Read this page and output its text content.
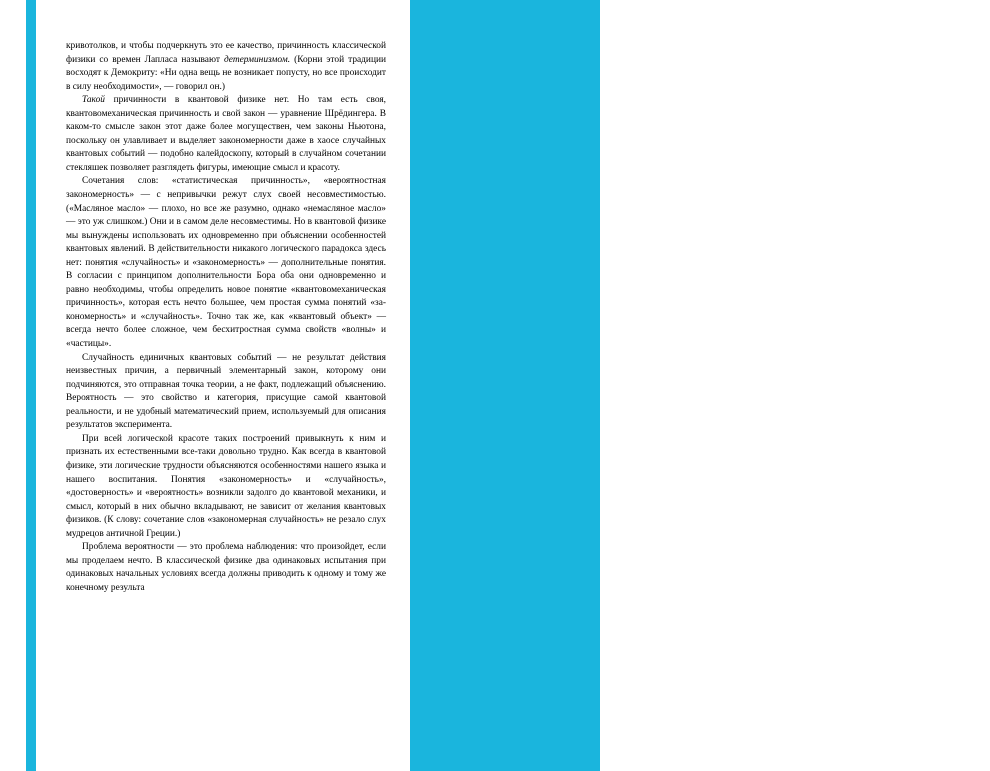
174

кривотолков, и чтобы подчеркнуть это ее качество, причинность классической физики со времен Лапласа называют детерминизмом. (Корни этой традиции восходят к Демокриту: «Ни одна вещь не возникает попусту, но все происходит в силу необходимости», — говорил он.)

Такой причинности в квантовой физике нет. Но там есть своя, квантовомеханическая причинность и свой закон — уравнение Шрёдингера. В каком-то смысле закон этот даже более могуществен, чем законы Ньютона, поскольку он улавливает и выделяет закономерности даже в хаосе случайных квантовых событий — подобно калейдоскопу, который в случайном сочетании стекляшек позволяет разглядеть фигуры, имеющие смысл и красоту.

Сочетания слов: «статистическая причинность», «вероятностная закономерность» — с непривычки режут слух своей несовместимостью. («Масляное масло» — плохо, но все же разумно, однако «немасляное масло» — это уж слишком.) Они и в самом деле несовместимы. Но в квантовой физике мы вынуждены использовать их одновременно при объяснении особенностей квантовых явлений. В действительности никакого логического парадокса здесь нет: понятия «случайность» и «закономерность» — дополнительные понятия. В согласии с принципом дополнительности Бора оба они одновременно и равно необходимы, чтобы определить новое понятие «квантовомеханическая причинность», которая есть нечто большее, чем простая сумма понятий «закономерность» и «случайность». Точно так же, как «квантовый объект» — всегда нечто более сложное, чем бесхитростная сумма свойств «волны» и «частицы».

Случайность единичных квантовых событий — не результат действия неизвестных причин, а первичный элементарный закон, которому они подчиняются, это отправная точка теории, а не факт, подлежащий объяснению. Вероятность — это свойство и категория, присущие самой квантовой реальности, и не удобный математический прием, используемый для описания результатов эксперимента.

При всей логической красоте таких построений привыкнуть к ним и признать их естественными все-таки довольно трудно. Как всегда в квантовой физике, эти логические трудности объясняются особенностями нашего языка и нашего воспитания. Понятия «закономерность» и «случайность», «достоверность» и «вероятность» возникли задолго до квантовой механики, и смысл, который в них обычно вкладывают, не зависит от желания квантовых физиков. (К слову: сочетание слов «закономерная случайность» не резало слух мудрецов античной Греции.)

Проблема вероятности — это проблема наблюдения: что произойдет, если мы проделаем нечто. В классической физике два одинаковых испытания при одинаковых начальных условиях всегда должны приводить к одному и тому же конечному результа
